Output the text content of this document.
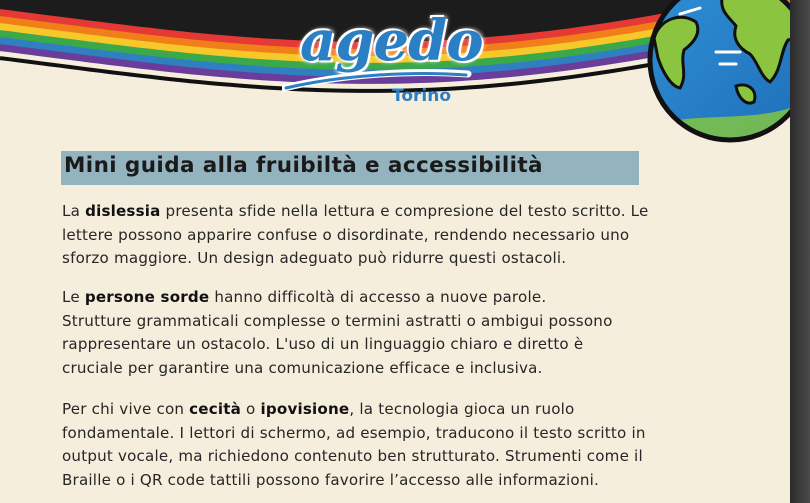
agedo
Torino
Mini guida alla fruibiltà e accessibilità
La dislessia presenta sfide nella lettura e compresione del testo scritto. Le
lettere possono apparire confuse o disordinate, rendendo necessario uno
sforzo maggiore. Un design adeguato può ridurre questi ostacoli.
Le persone sorde hanno difficoltà di accesso a nuove parole.
Strutture grammaticali complesse o termini astratti o ambigui possono
rappresentare un ostacolo. L'uso di un linguaggio chiaro e diretto è
cruciale per garantire una comunicazione efficace e inclusiva.
Per chi vive con cecità o ipovisione, la tecnologia gioca un ruolo
fondamentale. I lettori di schermo, ad esempio, traducono il testo scritto in
output vocale, ma richiedono contenuto ben strutturato. Strumenti come il
Braille o i QR code tattili possono favorire l’accesso alle informazioni.
